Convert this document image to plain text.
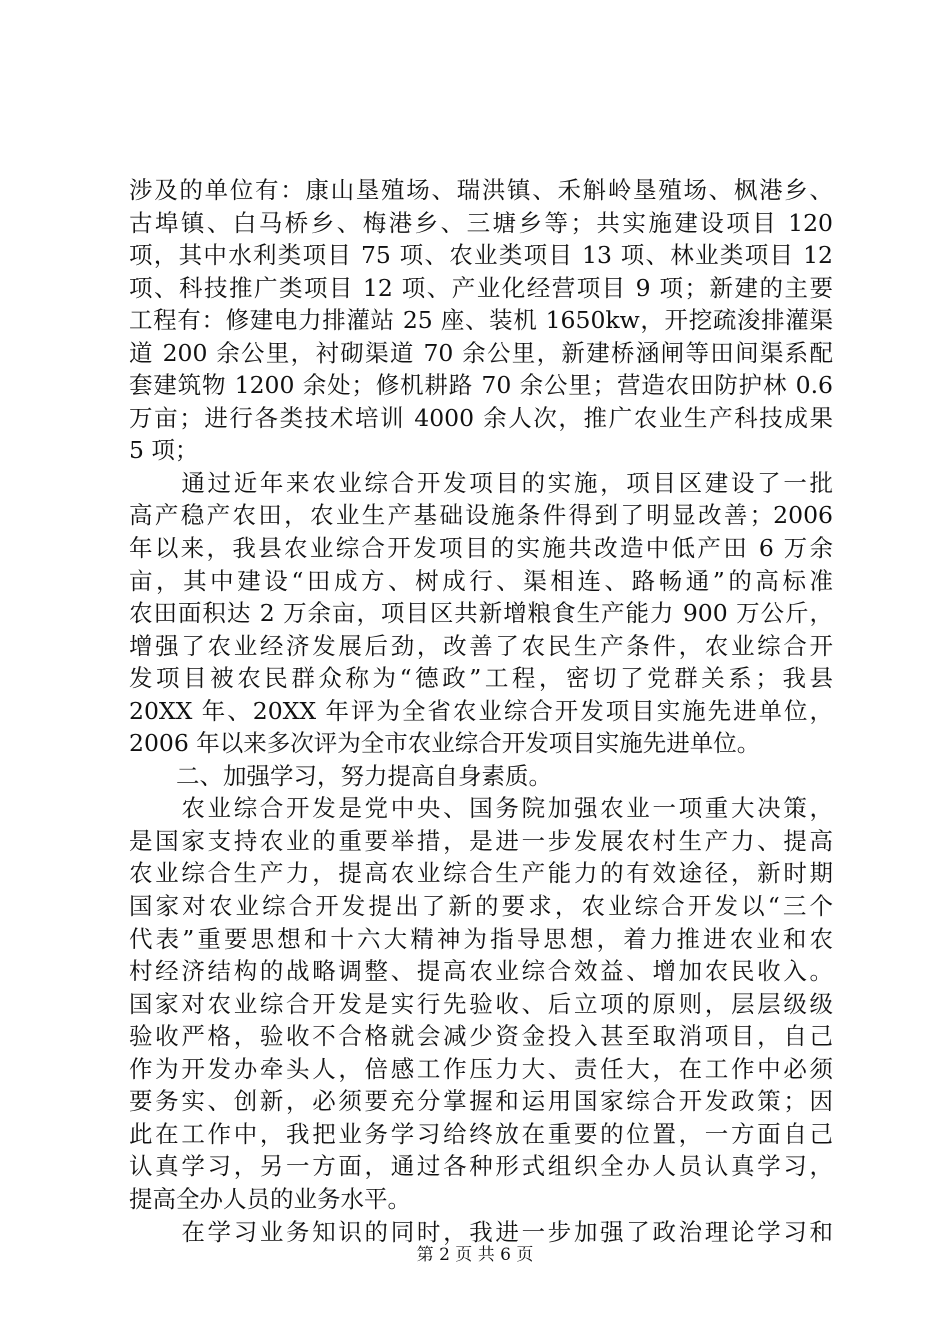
涉及的单位有：康山垦殖场、瑞洪镇、禾斛岭垦殖场、枫港乡、
古埠镇、白马桥乡、梅港乡、三塘乡等；共实施建设项目 120
项，其中水利类项目 75 项、农业类项目 13 项、林业类项目 12
项、科技推广类项目 12 项、产业化经营项目 9 项；新建的主要
工程有：修建电力排灌站 25 座、装机 1650kw，开挖疏浚排灌渠
道 200 余公里，衬砌渠道 70 余公里，新建桥涵闸等田间渠系配
套建筑物 1200 余处；修机耕路 70 余公里；营造农田防护林 0.6
万亩；进行各类技术培训 4000 余人次，推广农业生产科技成果
5 项；
　　通过近年来农业综合开发项目的实施，项目区建设了一批
高产稳产农田，农业生产基础设施条件得到了明显改善；2006
年以来，我县农业综合开发项目的实施共改造中低产田 6 万余
亩，其中建设“田成方、树成行、渠相连、路畅通”的高标准
农田面积达 2 万余亩，项目区共新增粮食生产能力 900 万公斤，
增强了农业经济发展后劲，改善了农民生产条件，农业综合开
发项目被农民群众称为“德政”工程，密切了党群关系；我县
20XX 年、20XX 年评为全省农业综合开发项目实施先进单位，
2006 年以来多次评为全市农业综合开发项目实施先进单位。
　　二、加强学习，努力提高自身素质。
　　农业综合开发是党中央、国务院加强农业一项重大决策，
是国家支持农业的重要举措，是进一步发展农村生产力、提高
农业综合生产力，提高农业综合生产能力的有效途径，新时期
国家对农业综合开发提出了新的要求，农业综合开发以“三个
代表”重要思想和十六大精神为指导思想，着力推进农业和农
村经济结构的战略调整、提高农业综合效益、增加农民收入。
国家对农业综合开发是实行先验收、后立项的原则，层层级级
验收严格，验收不合格就会减少资金投入甚至取消项目，自己
作为开发办牵头人，倍感工作压力大、责任大，在工作中必须
要务实、创新，必须要充分掌握和运用国家综合开发政策；因
此在工作中，我把业务学习给终放在重要的位置，一方面自己
认真学习，另一方面，通过各种形式组织全办人员认真学习，
提高全办人员的业务水平。
　　在学习业务知识的同时，我进一步加强了政治理论学习和
第 2 页 共 6 页
